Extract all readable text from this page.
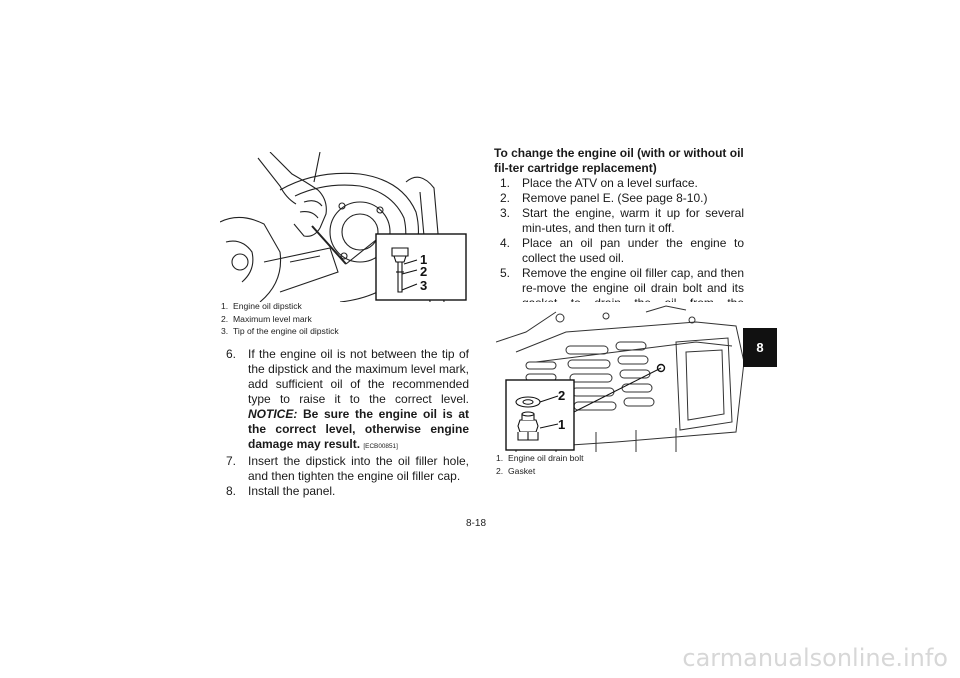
1
2
3
1. Engine oil dipstick
2. Maximum level mark
3. Tip of the engine oil dipstick
6. If the engine oil is not between the tip of the dipstick and the maximum level mark, add sufficient oil of the recommended type to raise it to the correct level. NOTICE: Be sure the engine oil is at the correct level, otherwise engine damage may result. [ECB00851]
7. Insert the dipstick into the oil filler hole, and then tighten the engine oil filler cap.
8. Install the panel.
To change the engine oil (with or without oil fil-ter cartridge replacement)
1. Place the ATV on a level surface.
2. Remove panel E. (See page 8-10.)
3. Start the engine, warm it up for several min-utes, and then turn it off.
4. Place an oil pan under the engine to collect the used oil.
5. Remove the engine oil filler cap, and then re-move the engine oil drain bolt and its
2
1
1. Engine oil drain bolt
2. Gasket
8
8-18
carmanualsonline.info
